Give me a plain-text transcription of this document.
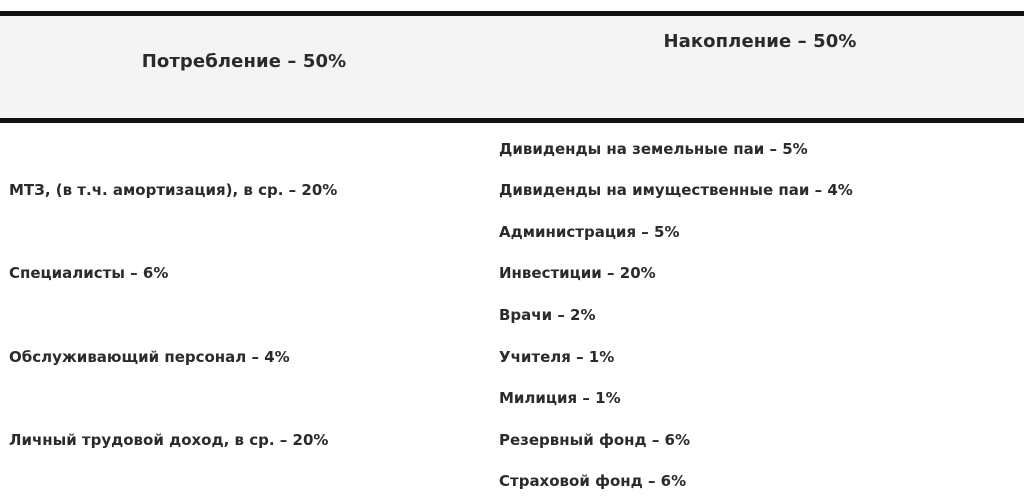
Потребление – 50%
Накопление – 50%
МТЗ, (в т.ч. амортизация), в ср. – 20%
Специалисты – 6%
Обслуживающий персонал – 4%
Личный трудовой доход, в ср. – 20%
Дивиденды на земельные паи – 5%
Дивиденды на имущественные паи – 4%
Администрация – 5%
Инвестиции – 20%
Врачи – 2%
Учителя – 1%
Милиция – 1%
Резервный фонд – 6%
Страховой фонд – 6%
